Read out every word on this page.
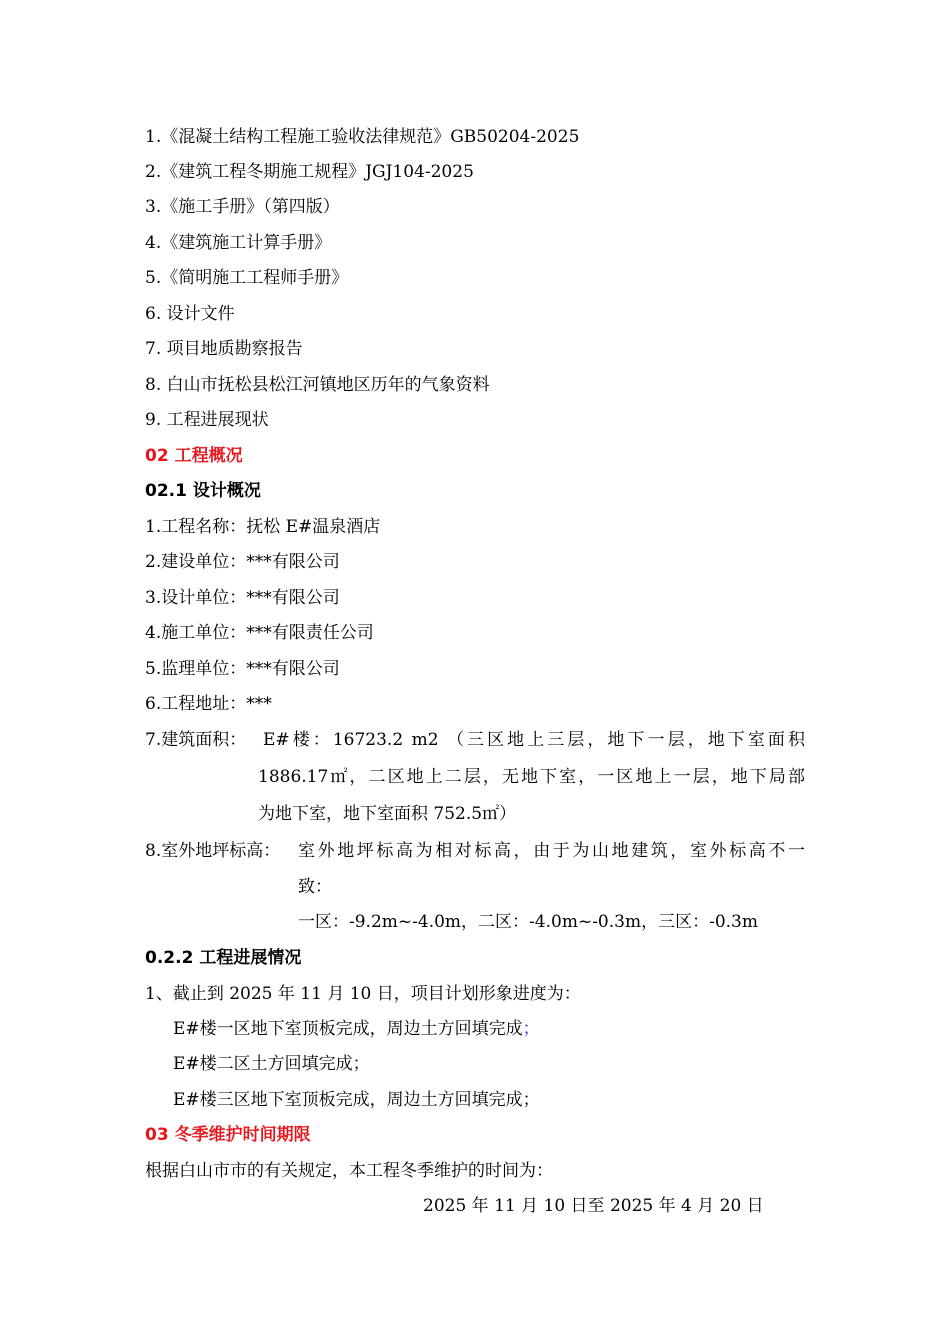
1.《混凝土结构工程施工验收法律规范》GB50204-2025
2.《建筑工程冬期施工规程》JGJ104-2025
3.《施工手册》（第四版）
4.《建筑施工计算手册》
5.《简明施工工程师手册》
6. 设计文件
7. 项目地质勘察报告
8. 白山市抚松县松江河镇地区历年的气象资料
9. 工程进展现状
02 工程概况
02.1 设计概况
1.工程名称：抚松 E#温泉酒店
2.建设单位：***有限公司
3.设计单位：***有限公司
4.施工单位：***有限责任公司
5.监理单位：***有限公司
6.工程地址：***
7.建筑面积： E#楼：16723.2 m2 （三区地上三层，地下一层，地下室面积
1886.17㎡，二区地上二层，无地下室，一区地上一层，地下局部
为地下室，地下室面积 752.5㎡）
8.室外地坪标高： 室外地坪标高为相对标高，由于为山地建筑，室外标高不一
致：
一区：-9.2m~-4.0m，二区：-4.0m~-0.3m，三区：-0.3m
0.2.2 工程进展情况
1、截止到 2025 年 11 月 10 日，项目计划形象进度为：
E#楼一区地下室顶板完成，周边土方回填完成；
E#楼二区土方回填完成；
E#楼三区地下室顶板完成，周边土方回填完成；
03 冬季维护时间期限
根据白山市市的有关规定，本工程冬季维护的时间为：
2025 年 11 月 10 日至 2025 年 4 月 20 日
